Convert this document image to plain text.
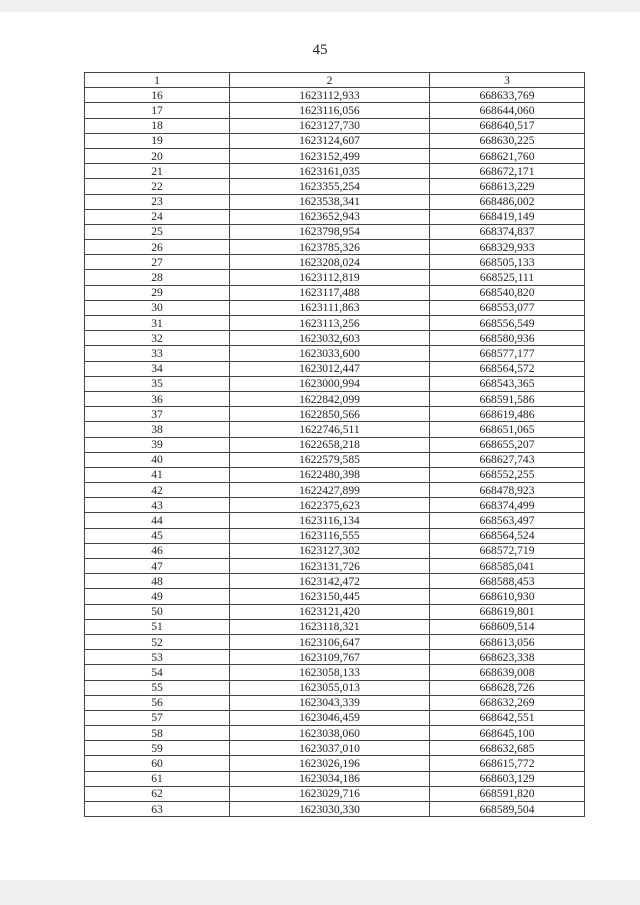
45
1	2	3
16	1623112,933	668633,769
17	1623116,056	668644,060
18	1623127,730	668640,517
19	1623124,607	668630,225
20	1623152,499	668621,760
21	1623161,035	668672,171
22	1623355,254	668613,229
23	1623538,341	668486,002
24	1623652,943	668419,149
25	1623798,954	668374,837
26	1623785,326	668329,933
27	1623208,024	668505,133
28	1623112,819	668525,111
29	1623117,488	668540,820
30	1623111,863	668553,077
31	1623113,256	668556,549
32	1623032,603	668580,936
33	1623033,600	668577,177
34	1623012,447	668564,572
35	1623000,994	668543,365
36	1622842,099	668591,586
37	1622850,566	668619,486
38	1622746,511	668651,065
39	1622658,218	668655,207
40	1622579,585	668627,743
41	1622480,398	668552,255
42	1622427,899	668478,923
43	1622375,623	668374,499
44	1623116,134	668563,497
45	1623116,555	668564,524
46	1623127,302	668572,719
47	1623131,726	668585,041
48	1623142,472	668588,453
49	1623150,445	668610,930
50	1623121,420	668619,801
51	1623118,321	668609,514
52	1623106,647	668613,056
53	1623109,767	668623,338
54	1623058,133	668639,008
55	1623055,013	668628,726
56	1623043,339	668632,269
57	1623046,459	668642,551
58	1623038,060	668645,100
59	1623037,010	668632,685
60	1623026,196	668615,772
61	1623034,186	668603,129
62	1623029,716	668591,820
63	1623030,330	668589,504
